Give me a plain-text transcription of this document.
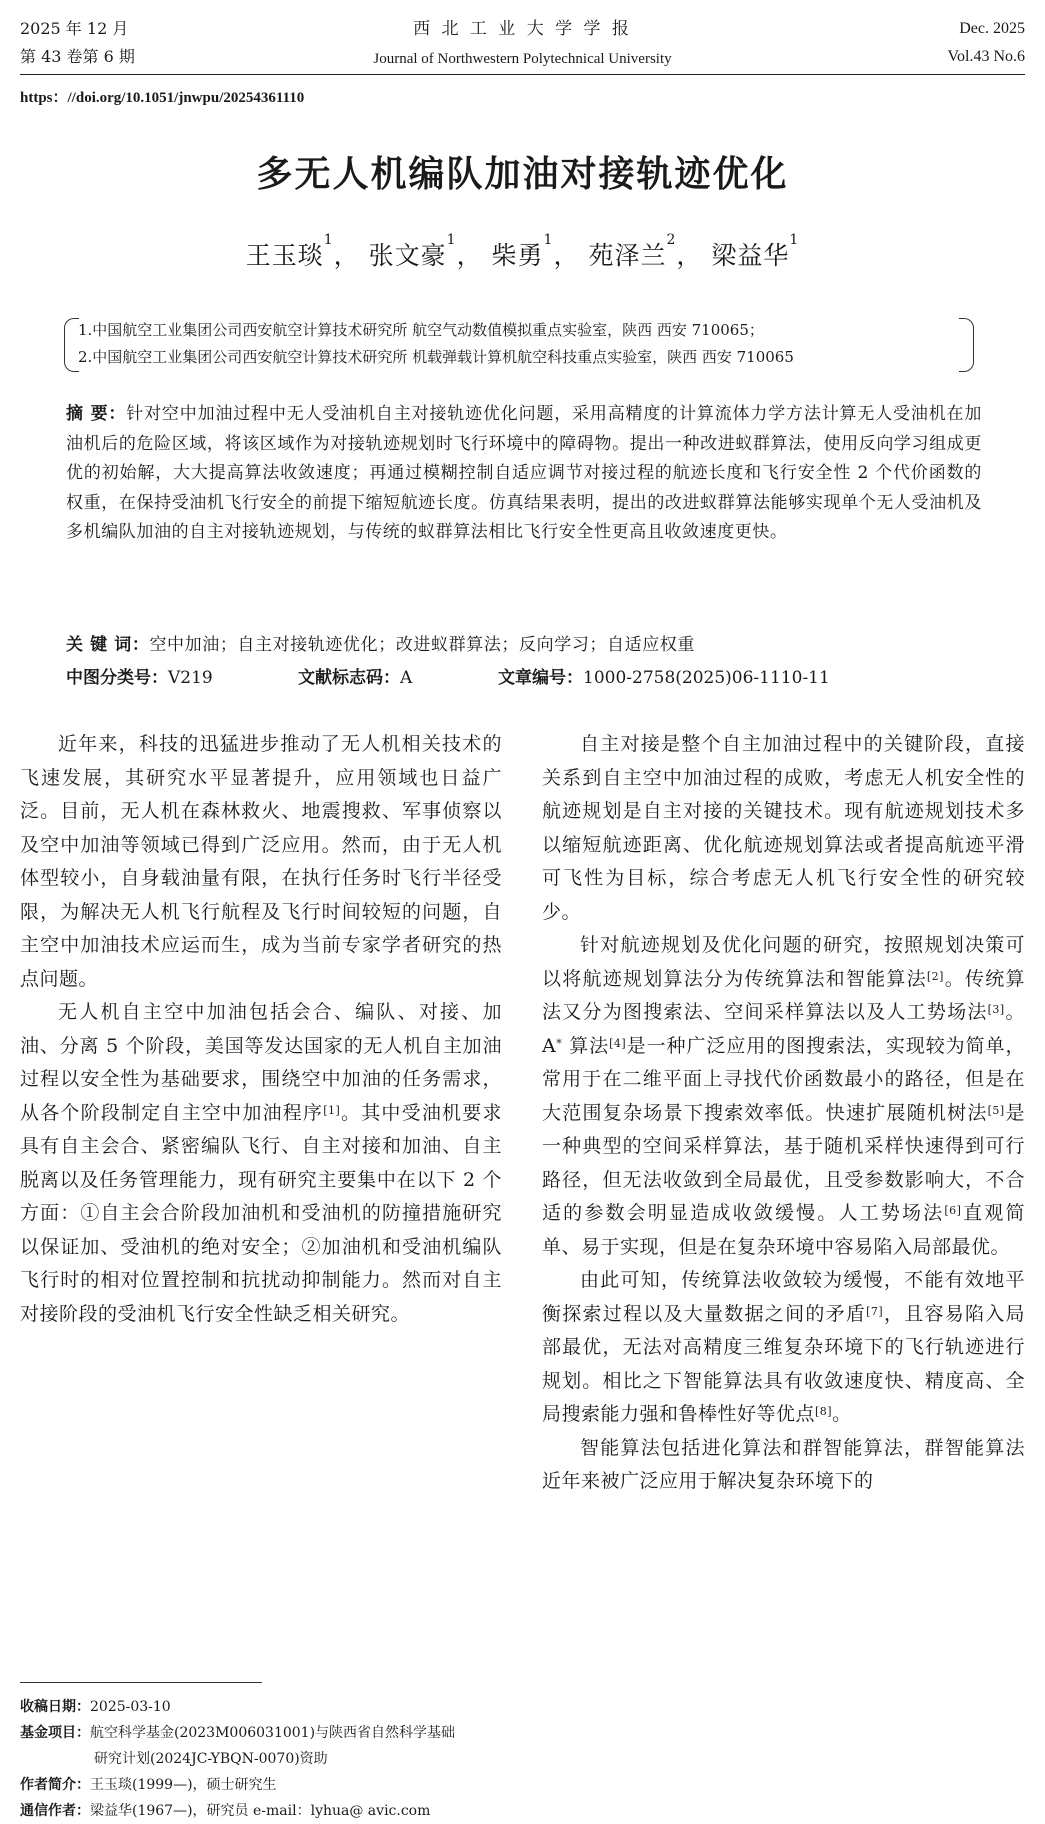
2025 年 12 月
第 43 卷第 6 期
西 北 工 业 大 学 学 报
Journal of Northwestern Polytechnical University
Dec. 2025
Vol.43 No.6
https：//doi.org/10.1051/jnwpu/20254361110
多无人机编队加油对接轨迹优化
王玉琰$^1$， 张文豪$^1$， 柴勇$^1$， 苑泽兰$^2$， 梁益华$^1$
1.中国航空工业集团公司西安航空计算技术研究所 航空气动数值模拟重点实验室，陕西 西安 710065；
2.中国航空工业集团公司西安航空计算技术研究所 机载弹载计算机航空科技重点实验室，陕西 西安 710065
摘 要：针对空中加油过程中无人受油机自主对接轨迹优化问题，采用高精度的计算流体力学方法计算无人受油机在加油机后的危险区域，将该区域作为对接轨迹规划时飞行环境中的障碍物。提出一种改进蚁群算法，使用反向学习组成更优的初始解，大大提高算法收敛速度；再通过模糊控制自适应调节对接过程的航迹长度和飞行安全性 2 个代价函数的权重，在保持受油机飞行安全的前提下缩短航迹长度。仿真结果表明，提出的改进蚁群算法能够实现单个无人受油机及多机编队加油的自主对接轨迹规划，与传统的蚁群算法相比飞行安全性更高且收敛速度更快。
关 键 词：空中加油；自主对接轨迹优化；改进蚁群算法；反向学习；自适应权重
中图分类号：V219	文献标志码：A	文章编号：1000-2758(2025)06-1110-11

近年来，科技的迅猛进步推动了无人机相关技术的飞速发展，其研究水平显著提升，应用领域也日益广泛。目前，无人机在森林救火、地震搜救、军事侦察以及空中加油等领域已得到广泛应用。然而，由于无人机体型较小，自身载油量有限，在执行任务时飞行半径受限，为解决无人机飞行航程及飞行时间较短的问题，自主空中加油技术应运而生，成为当前专家学者研究的热点问题。

无人机自主空中加油包括会合、编队、对接、加油、分离 5 个阶段，美国等发达国家的无人机自主加油过程以安全性为基础要求，围绕空中加油的任务需求，从各个阶段制定自主空中加油程序[1]。其中受油机要求具有自主会合、紧密编队飞行、自主对接和加油、自主脱离以及任务管理能力，现有研究主要集中在以下 2 个方面：①自主会合阶段加油机和受油机的防撞措施研究以保证加、受油机的绝对安全；②加油机和受油机编队飞行时的相对位置控制和抗扰动抑制能力。然而对自主对接阶段的受油机飞行安全性缺乏相关研究。

自主对接是整个自主加油过程中的关键阶段，直接关系到自主空中加油过程的成败，考虑无人机安全性的航迹规划是自主对接的关键技术。现有航迹规划技术多以缩短航迹距离、优化航迹规划算法或者提高航迹平滑可飞性为目标，综合考虑无人机飞行安全性的研究较少。

针对航迹规划及优化问题的研究，按照规划决策可以将航迹规划算法分为传统算法和智能算法[2]。传统算法又分为图搜索法、空间采样算法以及人工势场法[3]。A* 算法[4]是一种广泛应用的图搜索法，实现较为简单，常用于在二维平面上寻找代价函数最小的路径，但是在大范围复杂场景下搜索效率低。快速扩展随机树法[5]是一种典型的空间采样算法，基于随机采样快速得到可行路径，但无法收敛到全局最优，且受参数影响大，不合适的参数会明显造成收敛缓慢。人工势场法[6]直观简单、易于实现，但是在复杂环境中容易陷入局部最优。

由此可知，传统算法收敛较为缓慢，不能有效地平衡探索过程以及大量数据之间的矛盾[7]，且容易陷入局部最优，无法对高精度三维复杂环境下的飞行轨迹进行规划。相比之下智能算法具有收敛速度快、精度高、全局搜索能力强和鲁棒性好等优点[8]。

智能算法包括进化算法和群智能算法，群智能算法近年来被广泛应用于解决复杂环境下的

收稿日期：2025-03-10
基金项目：航空科学基金(2023M006031001)与陕西省自然科学基础
研究计划(2024JC-YBQN-0070)资助
作者简介：王玉琰(1999—)，硕士研究生
通信作者：梁益华(1967—)，研究员 e-mail：lyhua@ avic.com
